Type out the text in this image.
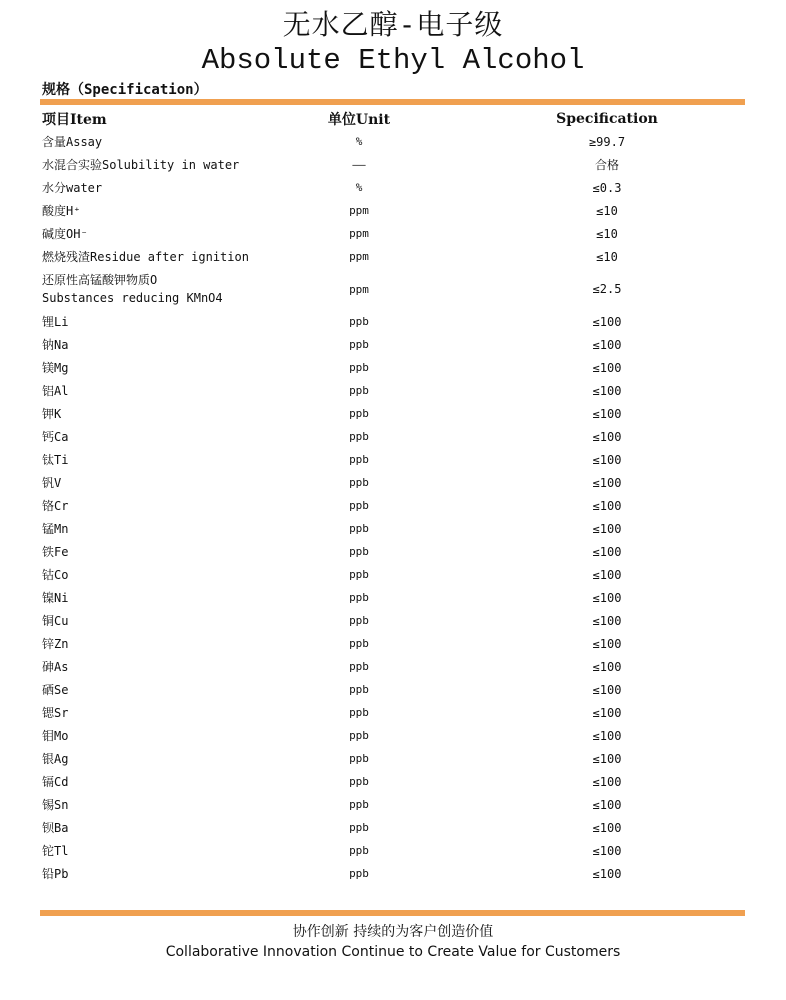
无水乙醇-电子级
Absolute Ethyl Alcohol
规格（Specification）
项目Item	单位Unit	Specification
含量Assay	%	≥99.7
水混合实验Solubility in water	——	合格
水分water	%	≤0.3
酸度H⁺	ppm	≤10
碱度OH⁻	ppm	≤10
燃烧残渣Residue after ignition	ppm	≤10
还原性高锰酸钾物质O
Substances reducing KMnO4
ppm	≤2.5
锂Li	ppb	≤100
钠Na	ppb	≤100
镁Mg	ppb	≤100
铝Al	ppb	≤100
钾K	ppb	≤100
钙Ca	ppb	≤100
钛Ti	ppb	≤100
钒V	ppb	≤100
铬Cr	ppb	≤100
锰Mn	ppb	≤100
铁Fe	ppb	≤100
钴Co	ppb	≤100
镍Ni	ppb	≤100
铜Cu	ppb	≤100
锌Zn	ppb	≤100
砷As	ppb	≤100
硒Se	ppb	≤100
锶Sr	ppb	≤100
钼Mo	ppb	≤100
银Ag	ppb	≤100
镉Cd	ppb	≤100
锡Sn	ppb	≤100
钡Ba	ppb	≤100
铊Tl	ppb	≤100
铅Pb	ppb	≤100
协作创新 持续的为客户创造价值
Collaborative Innovation Continue to Create Value for Customers
